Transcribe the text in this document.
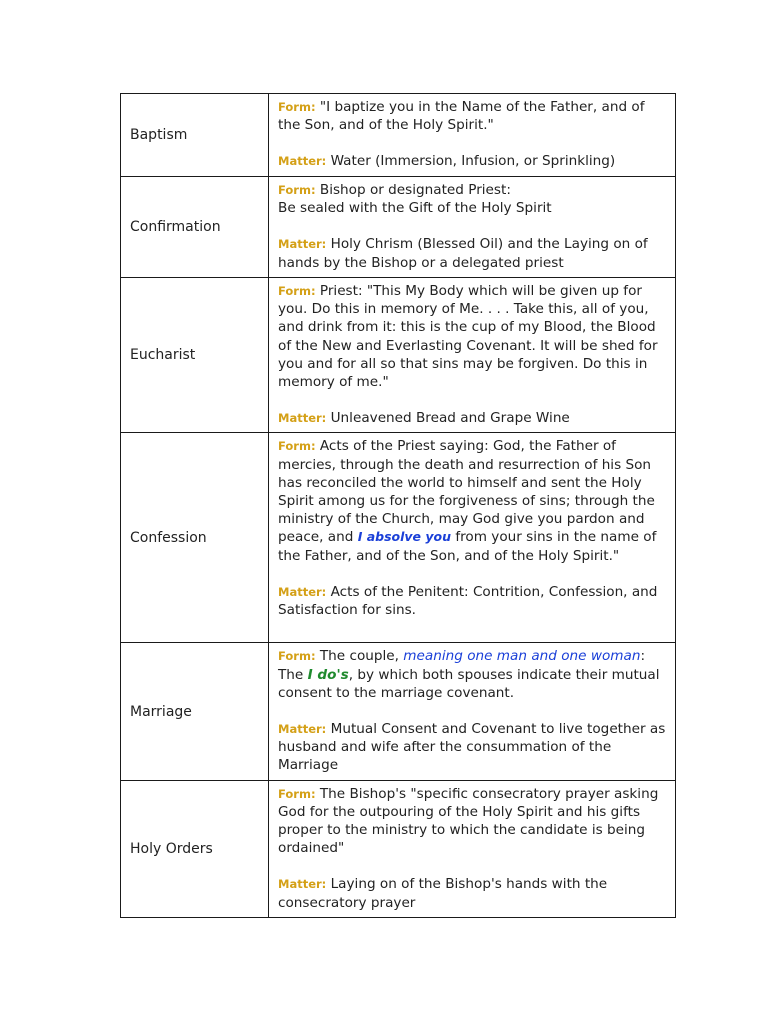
Baptism	Form: "I baptize you in the Name of the Father, and of the Son, and of the Holy Spirit."

Matter: Water (Immersion, Infusion, or Sprinkling)

Confirmation	Form: Bishop or designated Priest:
Be sealed with the Gift of the Holy Spirit

Matter: Holy Chrism (Blessed Oil) and the Laying on of hands by the Bishop or a delegated priest

Eucharist	Form: Priest: "This My Body which will be given up for you. Do this in memory of Me. . . . Take this, all of you, and drink from it: this is the cup of my Blood, the Blood of the New and Everlasting Covenant. It will be shed for you and for all so that sins may be forgiven. Do this in memory of me."

Matter: Unleavened Bread and Grape Wine

Confession	Form: Acts of the Priest saying: God, the Father of mercies, through the death and resurrection of his Son has reconciled the world to himself and sent the Holy Spirit among us for the forgiveness of sins; through the ministry of the Church, may God give you pardon and peace, and I absolve you from your sins in the name of the Father, and of the Son, and of the Holy Spirit."

Matter: Acts of the Penitent: Contrition, Confession, and Satisfaction for sins.

Marriage	Form: The couple, meaning one man and one woman: The I do's, by which both spouses indicate their mutual consent to the marriage covenant.

Matter: Mutual Consent and Covenant to live together as husband and wife after the consummation of the Marriage

Holy Orders	Form: The Bishop's "specific consecratory prayer asking God for the outpouring of the Holy Spirit and his gifts proper to the ministry to which the candidate is being ordained"

Matter: Laying on of the Bishop's hands with the consecratory prayer
